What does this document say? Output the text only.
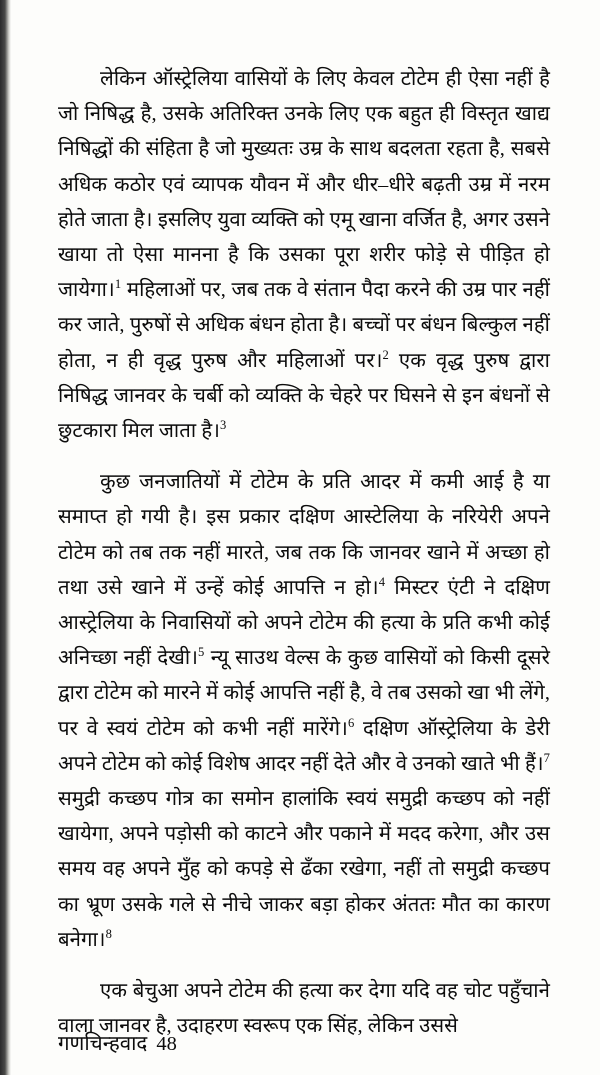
लेकिन ऑस्ट्रेलिया वासियों के लिए केवल टोटेम ही ऐसा नहीं है जो निषिद्ध है, उसके अतिरिक्त उनके लिए एक बहुत ही विस्तृत खाद्य निषिद्धों की संहिता है जो मुख्यतः उम्र के साथ बदलता रहता है, सबसे अधिक कठोर एवं व्यापक यौवन में और धीर–धीरे बढ़ती उम्र में नरम होते जाता है। इसलिए युवा व्यक्ति को एमू खाना वर्जित है, अगर उसने खाया तो ऐसा मानना है कि उसका पूरा शरीर फोड़े से पीड़ित हो जायेगा।$^1$ महिलाओं पर, जब तक वे संतान पैदा करने की उम्र पार नहीं कर जाते, पुरुषों से अधिक बंधन होता है। बच्चों पर बंधन बिल्कुल नहीं होता, न ही वृद्ध पुरुष और महिलाओं पर।$^2$ एक वृद्ध पुरुष द्वारा निषिद्ध जानवर के चर्बी को व्यक्ति के चेहरे पर घिसने से इन बंधनों से छुटकारा मिल जाता है।$^3$

कुछ जनजातियों में टोटेम के प्रति आदर में कमी आई है या समाप्त हो गयी है। इस प्रकार दक्षिण आस्टेलिया के नरियेरी अपने टोटेम को तब तक नहीं मारते, जब तक कि जानवर खाने में अच्छा हो तथा उसे खाने में उन्हें कोई आपत्ति न हो।$^4$ मिस्टर एंटी ने दक्षिण आस्ट्रेलिया के निवासियों को अपने टोटेम की हत्या के प्रति कभी कोई अनिच्छा नहीं देखी।$^5$ न्यू साउथ वेल्स के कुछ वासियों को किसी दूसरे द्वारा टोटेम को मारने में कोई आपत्ति नहीं है, वे तब उसको खा भी लेंगे, पर वे स्वयं टोटेम को कभी नहीं मारेंगे।$^6$ दक्षिण ऑस्ट्रेलिया के डेरी अपने टोटेम को कोई विशेष आदर नहीं देते और वे उनको खाते भी हैं।$^7$ समुद्री कच्छप गोत्र का समोन हालांकि स्वयं समुद्री कच्छप को नहीं खायेगा, अपने पड़ोसी को काटने और पकाने में मदद करेगा, और उस समय वह अपने मुँह को कपड़े से ढँका रखेगा, नहीं तो समुद्री कच्छप का भ्रूण उसके गले से नीचे जाकर बड़ा होकर अंततः मौत का कारण बनेगा।$^8$

एक बेचुआ अपने टोटेम की हत्या कर देगा यदि वह चोट पहुँचाने वाला जानवर है, उदाहरण स्वरूप एक सिंह, लेकिन उससे

गणचिन्हवाद 48
